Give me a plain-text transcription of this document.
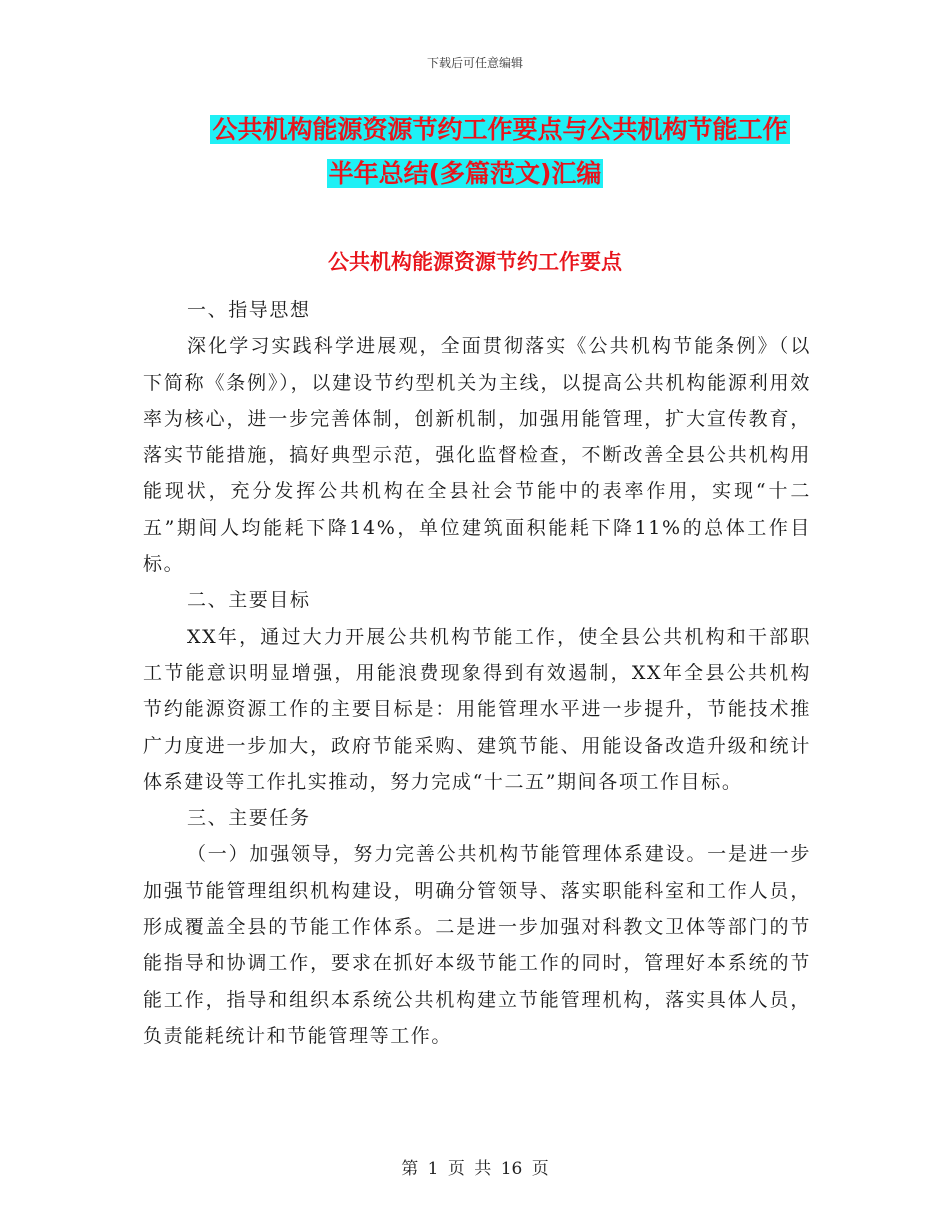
下载后可任意编辑
公共机构能源资源节约工作要点与公共机构节能工作
半年总结(多篇范文)汇编
公共机构能源资源节约工作要点

一、指导思想

深化学习实践科学进展观，全面贯彻落实《公共机构节能条例》（以下简称《条例》），以建设节约型机关为主线，以提高公共机构能源利用效率为核心，进一步完善体制，创新机制，加强用能管理，扩大宣传教育，落实节能措施，搞好典型示范，强化监督检查，不断改善全县公共机构用能现状，充分发挥公共机构在全县社会节能中的表率作用，实现“十二五”期间人均能耗下降14%，单位建筑面积能耗下降11%的总体工作目标。

二、主要目标

XX年，通过大力开展公共机构节能工作，使全县公共机构和干部职工节能意识明显增强，用能浪费现象得到有效遏制，XX年全县公共机构节约能源资源工作的主要目标是：用能管理水平进一步提升，节能技术推广力度进一步加大，政府节能采购、建筑节能、用能设备改造升级和统计体系建设等工作扎实推动，努力完成“十二五”期间各项工作目标。

三、主要任务

（一）加强领导，努力完善公共机构节能管理体系建设。一是进一步加强节能管理组织机构建设，明确分管领导、落实职能科室和工作人员，形成覆盖全县的节能工作体系。二是进一步加强对科教文卫体等部门的节能指导和协调工作，要求在抓好本级节能工作的同时，管理好本系统的节能工作，指导和组织本系统公共机构建立节能管理机构，落实具体人员，负责能耗统计和节能管理等工作。

第 1 页 共 16 页
